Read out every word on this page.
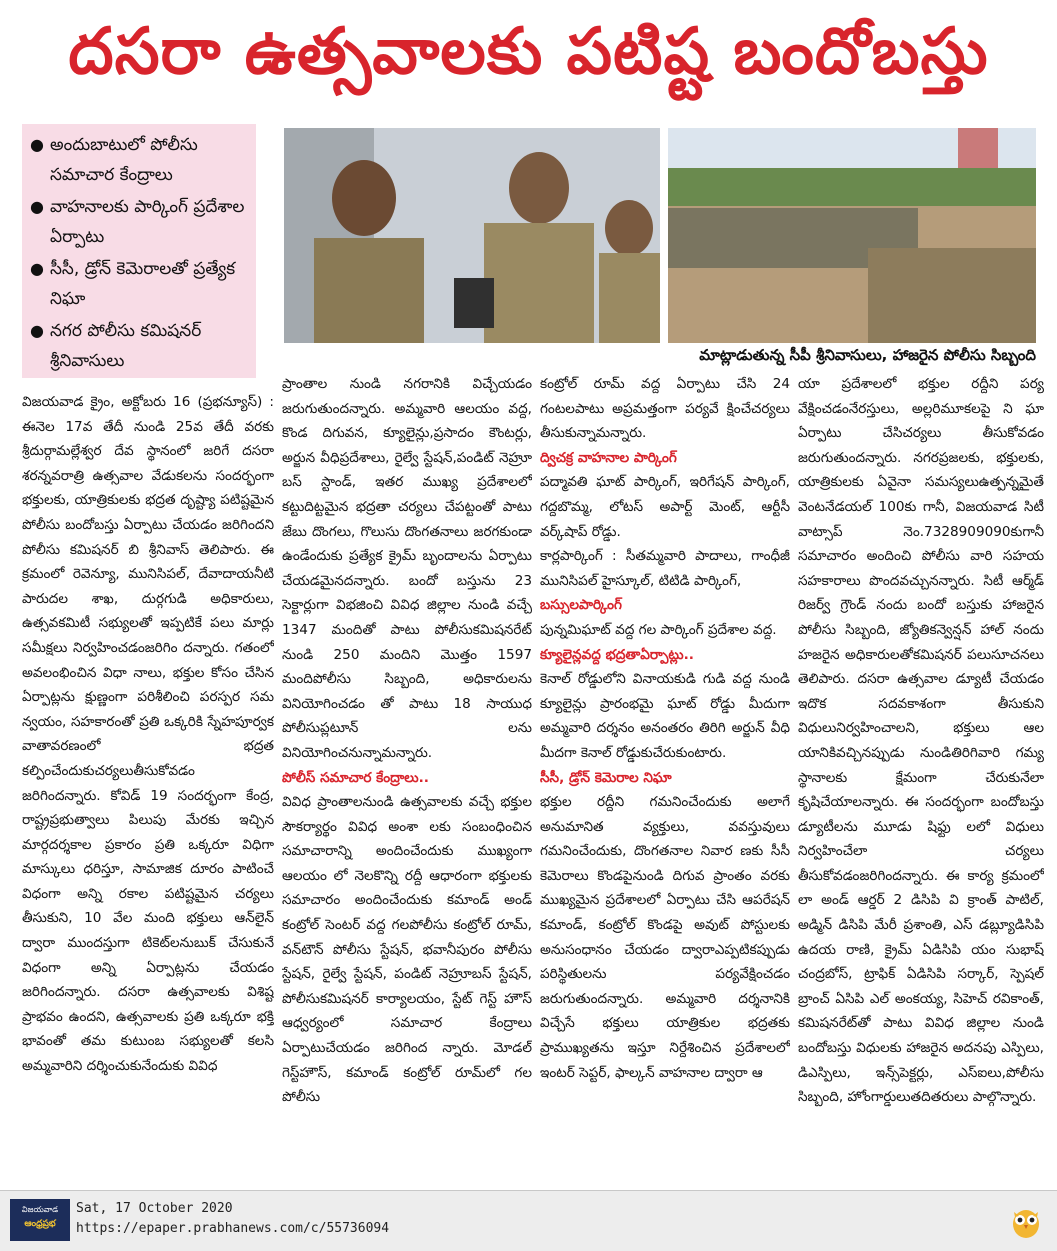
దసరా ఉత్సవాలకు పటిష్ట బందోబస్తు
● అందుబాటులో పోలీసు సమాచార కేంద్రాలు
● వాహనాలకు పార్కింగ్ ప్రదేశాల ఏర్పాటు
● సీసీ, డ్రోన్ కెమెరాలతో ప్రత్యేక నిఘా
● నగర పోలీసు కమిషనర్ శ్రీనివాసులు	మాట్లాడుతున్న సీపీ శ్రీనివాసులు, హాజరైన పోలీసు సిబ్బంది

విజయవాడ క్రైం, అక్టోబరు 16 (ప్రభన్యూస్) : ఈనెల 17వ తేదీ నుండి 25వ తేదీ వరకు శ్రీదుర్గామల్లేశ్వర దేవ స్థానంలో జరిగే దసరా శరన్నవరాత్రి ఉత్సవాల వేడుకలను సందర్భంగా భక్తులకు, యాత్రికులకు భద్రత దృష్ట్యా పటిష్టమైన పోలీసు బందోబస్తు ఏర్పాటు చేయడం జరిగిందని పోలీసు కమిషనర్ బి శ్రీనివాస్ తెలిపారు. ఈ క్రమంలో రెవెన్యూ, మునిసిపల్, దేవాదాయనీటి పారుదల శాఖ, దుర్గగుడి అధికారులు, ఉత్సవకమిటీ సభ్యులతో ఇప్పటికే పలు మార్లు సమీక్షలు నిర్వహించడంజరిగిం దన్నారు. గతంలో అవలంభించిన విధా నాలు, భక్తుల కోసం చేసిన ఏర్పాట్లను క్షుణ్ణంగా పరిశీలించి పరస్పర సమ న్వయం, సహకారంతో ప్రతి ఒక్కరికి స్నేహపూర్వక వాతావరణంలో భద్రత కల్పించేందుకుచర్యలుతీసుకోవడం జరిగిందన్నారు. కోవిడ్ 19 సందర్భంగా కేంద్ర, రాష్ట్రప్రభుత్వాలు పిలుపు మేరకు ఇచ్చిన మార్గదర్శకాల ప్రకారం ప్రతి ఒక్కరూ విధిగా మాస్కులు ధరిస్తూ, సామాజిక దూరం పాటించే విధంగా అన్ని రకాల పటిష్టమైన చర్యలు తీసుకుని, 10 వేల మంది భక్తులు ఆన్‌లైన్ ద్వారా ముందస్తుగా టికెట్‌లనుబుక్ చేసుకునే విధంగా అన్ని ఏర్పాట్లను చేయడం జరిగిందన్నారు. దసరా ఉత్సవాలకు విశిష్ట ప్రాభవం ఉందని, ఉత్సవాలకు ప్రతి ఒక్కరూ భక్తి భావంతో తమ కుటుంబ సభ్యులతో కలసి అమ్మవారిని దర్శించుకునేందుకు వివిధ

ప్రాంతాల నుండి నగరానికి విచ్చేయడం జరుగుతుందన్నారు. అమ్మవారి ఆలయం వద్ద, కొండ దిగువన, క్యూలైన్లు,ప్రసాదం కౌంటర్లు, అర్జున వీధిప్రదేశాలు, రైల్వే స్టేషన్,పండిట్ నెహ్రూ బస్ స్టాండ్, ఇతర ముఖ్య ప్రదేశాలలో కట్టుదిట్టమైన భద్రతా చర్యలు చేపట్టంతో పాటు జేబు దొంగలు, గొలుసు దొంగతనాలు జరగకుండా ఉండేందుకు ప్రత్యేక క్రైమ్ బృందాలను ఏర్పాటు చేయడమైనదన్నారు. బందో బస్తును 23 సెక్టార్లుగా విభజించి వివిధ జిల్లాల నుండి వచ్చే 1347 మందితో పాటు పోలీసుకమిషనరేట్ నుండి 250 మందిని మొత్తం 1597 మందిపోలీసు సిబ్బంది, అధికారులను వినియోగించడం తో పాటు 18 సాయుధ పోలీసుప్లటూన్ లను వినియోగించనున్నామన్నారు.

పోలీస్ సమాచార కేంద్రాలు..

వివిధ ప్రాంతాలనుండి ఉత్సవాలకు వచ్చే భక్తుల సౌకర్యార్థం వివిధ అంశా లకు సంబంధించిన సమాచారాన్ని అందించేందుకు ముఖ్యంగా ఆలయం లో నెలకొన్ని రద్దీ ఆధారంగా భక్తులకు సమాచారం అందించేందుకు కమాండ్ అండ్ కంట్రోల్ సెంటర్ వద్ద గలపోలీసు కంట్రోల్ రూమ్, వన్‌టౌన్ పోలీసు స్టేషన్, భవానీపురం పోలీసు స్టేషన్, రైల్వే స్టేషన్, పండిట్ నెహ్రూబస్ స్టేషన్, పోలీసుకమిషనర్ కార్యాలయం, స్టేట్ గెస్ట్ హౌస్ ఆధ్వర్యంలో సమాచార కేంద్రాలు ఏర్పాటుచేయడం జరిగింద న్నారు. మోడల్ గెస్ట్‌హౌస్, కమాండ్ కంట్రోల్ రూమ్‌లో గల పోలీసు

కంట్రోల్ రూమ్ వద్ద ఏర్పాటు చేసి 24 గంటలపాటు అప్రమత్తంగా పర్యవే క్షించేచర్యలు తీసుకున్నామన్నారు.

ద్విచక్ర వాహనాల పార్కింగ్

పద్మావతి ఘాట్ పార్కింగ్, ఇరిగేషన్ పార్కింగ్, గద్దబొమ్మ, లోటస్ అపార్ట్ మెంట్, ఆర్టీసీ వర్క్‌షాప్ రోడ్డు.

కార్లపార్కింగ్ : సీతమ్మవారి పాదాలు, గాంధీజీ మునిసిపల్ హైస్కూల్, టిటిడి పార్కింగ్,

బస్సులపార్కింగ్

పున్నమిఘాట్ వద్ద గల పార్కింగ్ ప్రదేశాల వద్ద.

క్యూలైన్లవద్ద భద్రతాఏర్పాట్లు..

కెనాల్ రోడ్డులోని వినాయకుడి గుడి వద్ద నుండి క్యూలైన్లు ప్రారంభమై ఘాట్ రోడ్డు మీదుగా అమ్మవారి దర్శనం అనంతరం తిరిగి అర్జున్ వీధి మీదగా కెనాల్ రోడ్డుకుచేరుకుంటారు.

సీసీ, డ్రోన్ కెమెరాల నిఘా

భక్తుల రద్దీని గమనించేందుకు అలాగే అనుమానిత వ్యక్తులు, వవస్తువులు గమనించేందుకు, దొంగతనాల నివార ణకు సీసీ కెమెరాలు కొండపైనుండి దిగువ ప్రాంతం వరకు ముఖ్యమైన ప్రదేశాలలో ఏర్పాటు చేసి ఆపరేషన్ కమాండ్, కంట్రోల్ కొండపై అవుట్ పోస్టులకు అనుసంధానం చేయడం ద్వారాఎప్పటికప్పుడు పరిస్థితులను పర్యవేక్షించడం జరుగుతుందన్నారు. అమ్మవారి దర్శనానికి విచ్చేసే భక్తులు యాత్రికుల భద్రతకు ప్రాముఖ్యతను ఇస్తూ నిర్దేశించిన ప్రదేశాలలో ఇంటర్ సెప్టర్, ఫాల్కన్ వాహనాల ద్వారా ఆ

యా ప్రదేశాలలో భక్తుల రద్దీని పర్య వేక్షించడంనేరస్తులు, అల్లరిమూకలపై ని ఘా ఏర్పాటు చేసిచర్యలు తీసుకోవడం జరుగుతుందన్నారు. నగరప్రజలకు, భక్తులకు, యాత్రికులకు ఏవైనా సమస్యలుఉత్పన్నమైతే వెంటనేడయల్ 100కు గానీ, విజయవాడ సిటీ వాట్సాప్ నెం.7328909090కుగానీ సమాచారం అందించి పోలీసు వారి సహయ సహకారాలు పొందవచ్చునన్నారు. సిటీ ఆర్మ్‌డ్ రిజర్వ్ గ్రౌండ్ నందు బందో బస్తుకు హాజరైన పోలీసు సిబ్బంది, జ్యోతికన్వెన్షన్ హాల్ నందు హజరైన అధికారులతోకమిషనర్ పలుసూచనలు తెలిపారు. దసరా ఉత్సవాల డ్యూటీ చేయడం ఇదొక సదవకాశంగా తీసుకుని విధులునిర్వహించాలని, భక్తులు ఆల యానికివచ్చినప్పుడు నుండితిరిగివారి గమ్య స్థానాలకు క్షేమంగా చేరుకునేలా కృషిచేయాలన్నారు. ఈ సందర్భంగా బందోబస్తు డ్యూటీలను మూడు షిఫ్టు లలో విధులు నిర్వహించేలా చర్యలు తీసుకోవడంజరిగిందన్నారు. ఈ కార్య క్రమంలో లా అండ్ ఆర్డర్ 2 డిసిపి వి క్రాంత్ పాటిల్, అడ్మిన్ డిసిపి మేరీ ప్రశాంతి, ఎస్ డబ్ల్యూడిసిపి ఉదయ రాణి, క్రైమ్ ఏడిసిపి యం సుభాష్ చంద్రబోస్, ట్రాఫిక్ ఏడిసిపి సర్కార్, స్పెషల్ బ్రాంచ్ ఏసిపి ఎల్ అంకయ్య, సిహెచ్ రవికాంత్, కమిషనరేట్‌తో పాటు వివిధ జిల్లాల నుండి బందోబస్తు విధులకు హాజరైన అదనపు ఎస్పిలు, డిఎస్పిలు, ఇన్స్‌పెక్టర్లు, ఎస్ఐలు,పోలీసు సిబ్బంది, హోంగార్డులుతదితరులు పాల్గొన్నారు.

విజయవాడ
ఆంధ్రప్రభ
Sat, 17 October 2020
https://epaper.prabhanews.com/c/55736094
